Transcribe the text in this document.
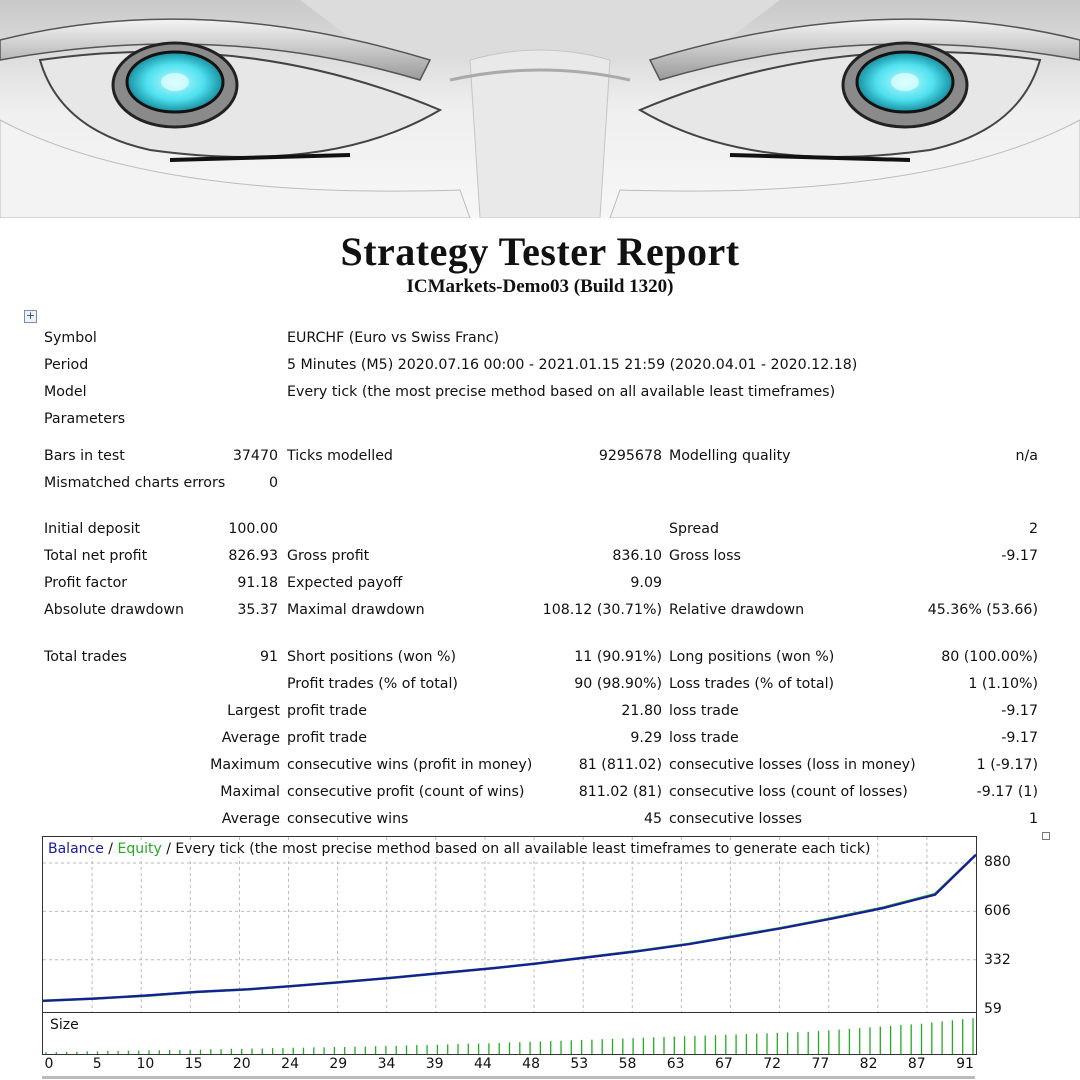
Strategy Tester Report
ICMarkets-Demo03 (Build 1320)
+
Symbol	EURCHF (Euro vs Swiss Franc)
Period	5 Minutes (M5) 2020.07.16 00:00 - 2021.01.15 21:59 (2020.04.01 - 2020.12.18)
Model	Every tick (the most precise method based on all available least timeframes)
Parameters
Bars in test	37470 Ticks modelled	9295678 Modelling quality	n/a
Mismatched charts errors	0
Initial deposit	100.00	Spread	2
Total net profit	826.93 Gross profit	836.10 Gross loss	-9.17
Profit factor	91.18 Expected payoff	9.09
Absolute drawdown	35.37 Maximal drawdown	108.12 (30.71%) Relative drawdown	45.36% (53.66)
Total trades	91 Short positions (won %)	11 (90.91%) Long positions (won %)	80 (100.00%)
Profit trades (% of total)	90 (98.90%) Loss trades (% of total)	1 (1.10%)
Largest profit trade	21.80 loss trade	-9.17
Average profit trade	9.29 loss trade	-9.17
Maximum consecutive wins (profit in money)	81 (811.02) consecutive losses (loss in money)	1 (-9.17)
Maximal consecutive profit (count of wins)	811.02 (81) consecutive loss (count of losses)	-9.17 (1)
Average consecutive wins	45 consecutive losses	1
Balance / Equity / Every tick (the most precise method based on all available least timeframes to generate each tick)
880
606
332
59
Size
0	5	10	15	20	24	29	34	39	44	48	53	58	63	67	72	77	82	87	91
